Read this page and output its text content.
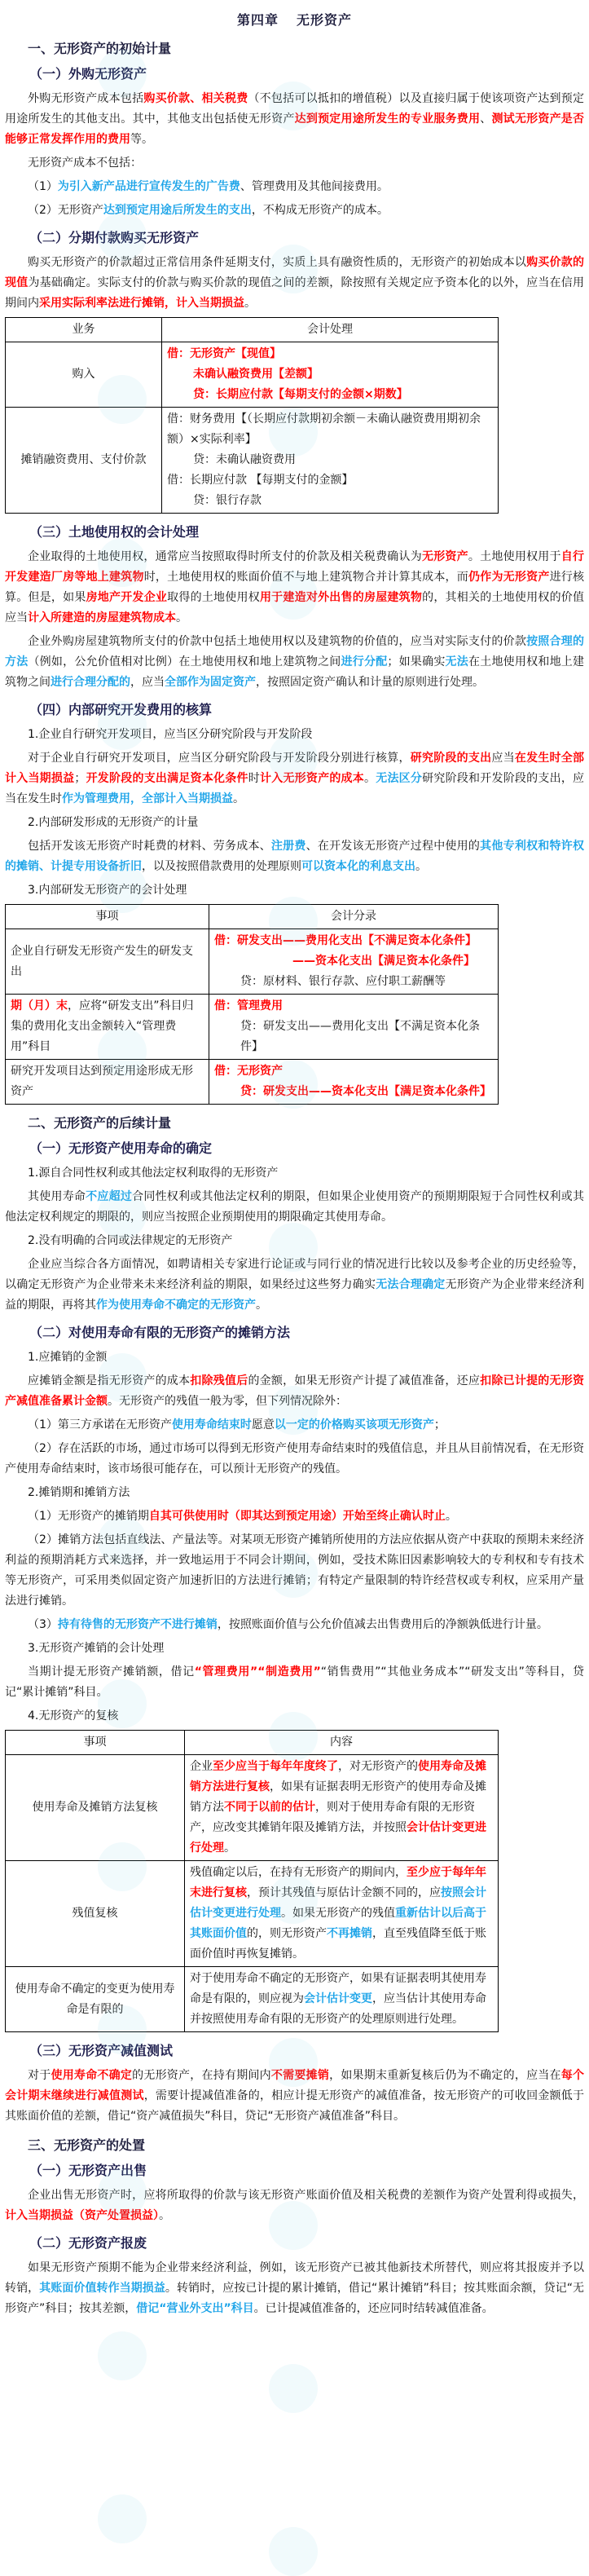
第四章 无形资产
一、无形资产的初始计量
（一）外购无形资产

外购无形资产成本包括购买价款、相关税费（不包括可以抵扣的增值税）以及直接归属于使该项资产达到预定用途所发生的其他支出。其中，其他支出包括使无形资产达到预定用途所发生的专业服务费用、测试无形资产是否能够正常发挥作用的费用等。

无形资产成本不包括：

（1）为引入新产品进行宣传发生的广告费、管理费用及其他间接费用。

（2）无形资产达到预定用途后所发生的支出，不构成无形资产的成本。

（二）分期付款购买无形资产

购买无形资产的价款超过正常信用条件延期支付，实质上具有融资性质的，无形资产的初始成本以购买价款的现值为基础确定。实际支付的价款与购买价款的现值之间的差额，除按照有关规定应予资本化的以外，应当在信用期间内采用实际利率法进行摊销，计入当期损益。

业务	会计处理
购入	借：无形资产【现值】
未确认融资费用【差额】
贷：长期应付款【每期支付的金额×期数】

摊销融资费用、支付价款	借：财务费用【（长期应付款期初余额－未确认融资费用期初余额）×实际利率】
贷：未确认融资费用
借：长期应付款 【每期支付的金额】
贷：银行存款
（三）土地使用权的会计处理

企业取得的土地使用权，通常应当按照取得时所支付的价款及相关税费确认为无形资产。土地使用权用于自行开发建造厂房等地上建筑物时，土地使用权的账面价值不与地上建筑物合并计算其成本，而仍作为无形资产进行核算。但是，如果房地产开发企业取得的土地使用权用于建造对外出售的房屋建筑物的，其相关的土地使用权的价值应当计入所建造的房屋建筑物成本。

企业外购房屋建筑物所支付的价款中包括土地使用权以及建筑物的价值的，应当对实际支付的价款按照合理的方法（例如，公允价值相对比例）在土地使用权和地上建筑物之间进行分配；如果确实无法在土地使用权和地上建筑物之间进行合理分配的，应当全部作为固定资产，按照固定资产确认和计量的原则进行处理。

（四）内部研究开发费用的核算

1.企业自行研究开发项目，应当区分研究阶段与开发阶段

对于企业自行研究开发项目，应当区分研究阶段与开发阶段分别进行核算，研究阶段的支出应当在发生时全部计入当期损益；开发阶段的支出满足资本化条件时计入无形资产的成本。无法区分研究阶段和开发阶段的支出，应当在发生时作为管理费用，全部计入当期损益。

2.内部研发形成的无形资产的计量

包括开发该无形资产时耗费的材料、劳务成本、注册费、在开发该无形资产过程中使用的其他专利权和特许权的摊销、计提专用设备折旧，以及按照借款费用的处理原则可以资本化的利息支出。

3.内部研发无形资产的会计处理

事项	会计分录
企业自行研发无形资产发生的研发支出	借：研发支出——费用化支出【不满足资本化条件】
——资本化支出【满足资本化条件】
贷：原材料、银行存款、应付职工薪酬等

期（月）末，应将“研发支出”科目归集的费用化支出金额转入“管理费用”科目	借：管理费用
贷：研发支出——费用化支出【不满足资本化条件】

研究开发项目达到预定用途形成无形资产	借：无形资产
贷：研发支出——资本化支出【满足资本化条件】
二、无形资产的后续计量
（一）无形资产使用寿命的确定

1.源自合同性权利或其他法定权利取得的无形资产

其使用寿命不应超过合同性权利或其他法定权利的期限，但如果企业使用资产的预期期限短于合同性权利或其他法定权利规定的期限的，则应当按照企业预期使用的期限确定其使用寿命。

2.没有明确的合同或法律规定的无形资产

企业应当综合各方面情况，如聘请相关专家进行论证或与同行业的情况进行比较以及参考企业的历史经验等，以确定无形资产为企业带来未来经济利益的期限，如果经过这些努力确实无法合理确定无形资产为企业带来经济利益的期限，再将其作为使用寿命不确定的无形资产。

（二）对使用寿命有限的无形资产的摊销方法

1.应摊销的金额

应摊销金额是指无形资产的成本扣除残值后的金额，如果无形资产计提了减值准备，还应扣除已计提的无形资产减值准备累计金额。无形资产的残值一般为零，但下列情况除外：

（1）第三方承诺在无形资产使用寿命结束时愿意以一定的价格购买该项无形资产；

（2）存在活跃的市场，通过市场可以得到无形资产使用寿命结束时的残值信息，并且从目前情况看，在无形资产使用寿命结束时，该市场很可能存在，可以预计无形资产的残值。

2.摊销期和摊销方法

（1）无形资产的摊销期自其可供使用时（即其达到预定用途）开始至终止确认时止。

（2）摊销方法包括直线法、产量法等。对某项无形资产摊销所使用的方法应依据从资产中获取的预期未来经济利益的预期消耗方式来选择，并一致地运用于不同会计期间，例如，受技术陈旧因素影响较大的专利权和专有技术等无形资产，可采用类似固定资产加速折旧的方法进行摊销；有特定产量限制的特许经营权或专利权，应采用产量法进行摊销。

（3）持有待售的无形资产不进行摊销，按照账面价值与公允价值减去出售费用后的净额孰低进行计量。

3.无形资产摊销的会计处理

当期计提无形资产摊销额，借记“管理费用”“制造费用”“销售费用”“其他业务成本”“研发支出”等科目，贷记“累计摊销”科目。

4.无形资产的复核

事项	内容
使用寿命及摊销方法复核	企业至少应当于每年年度终了，对无形资产的使用寿命及摊销方法进行复核，如果有证据表明无形资产的使用寿命及摊销方法不同于以前的估计，则对于使用寿命有限的无形资产，应改变其摊销年限及摊销方法，并按照会计估计变更进行处理。

残值复核	残值确定以后，在持有无形资产的期间内，至少应于每年年末进行复核，预计其残值与原估计金额不同的，应按照会计估计变更进行处理。如果无形资产的残值重新估计以后高于其账面价值的，则无形资产不再摊销，直至残值降至低于账面价值时再恢复摊销。

使用寿命不确定的变更为使用寿命是有限的	对于使用寿命不确定的无形资产，如果有证据表明其使用寿命是有限的，则应视为会计估计变更，应当估计其使用寿命并按照使用寿命有限的无形资产的处理原则进行处理。
（三）无形资产减值测试

对于使用寿命不确定的无形资产，在持有期间内不需要摊销，如果期末重新复核后仍为不确定的，应当在每个会计期末继续进行减值测试，需要计提减值准备的，相应计提无形资产的减值准备，按无形资产的可收回金额低于其账面价值的差额，借记“资产减值损失”科目，贷记“无形资产减值准备”科目。

三、无形资产的处置
（一）无形资产出售

企业出售无形资产时，应将所取得的价款与该无形资产账面价值及相关税费的差额作为资产处置利得或损失，计入当期损益（资产处置损益）。

（二）无形资产报废

如果无形资产预期不能为企业带来经济利益，例如，该无形资产已被其他新技术所替代，则应将其报废并予以转销，其账面价值转作当期损益。转销时，应按已计提的累计摊销，借记“累计摊销”科目；按其账面余额，贷记“无形资产”科目；按其差额，借记“营业外支出”科目。已计提减值准备的，还应同时结转减值准备。
